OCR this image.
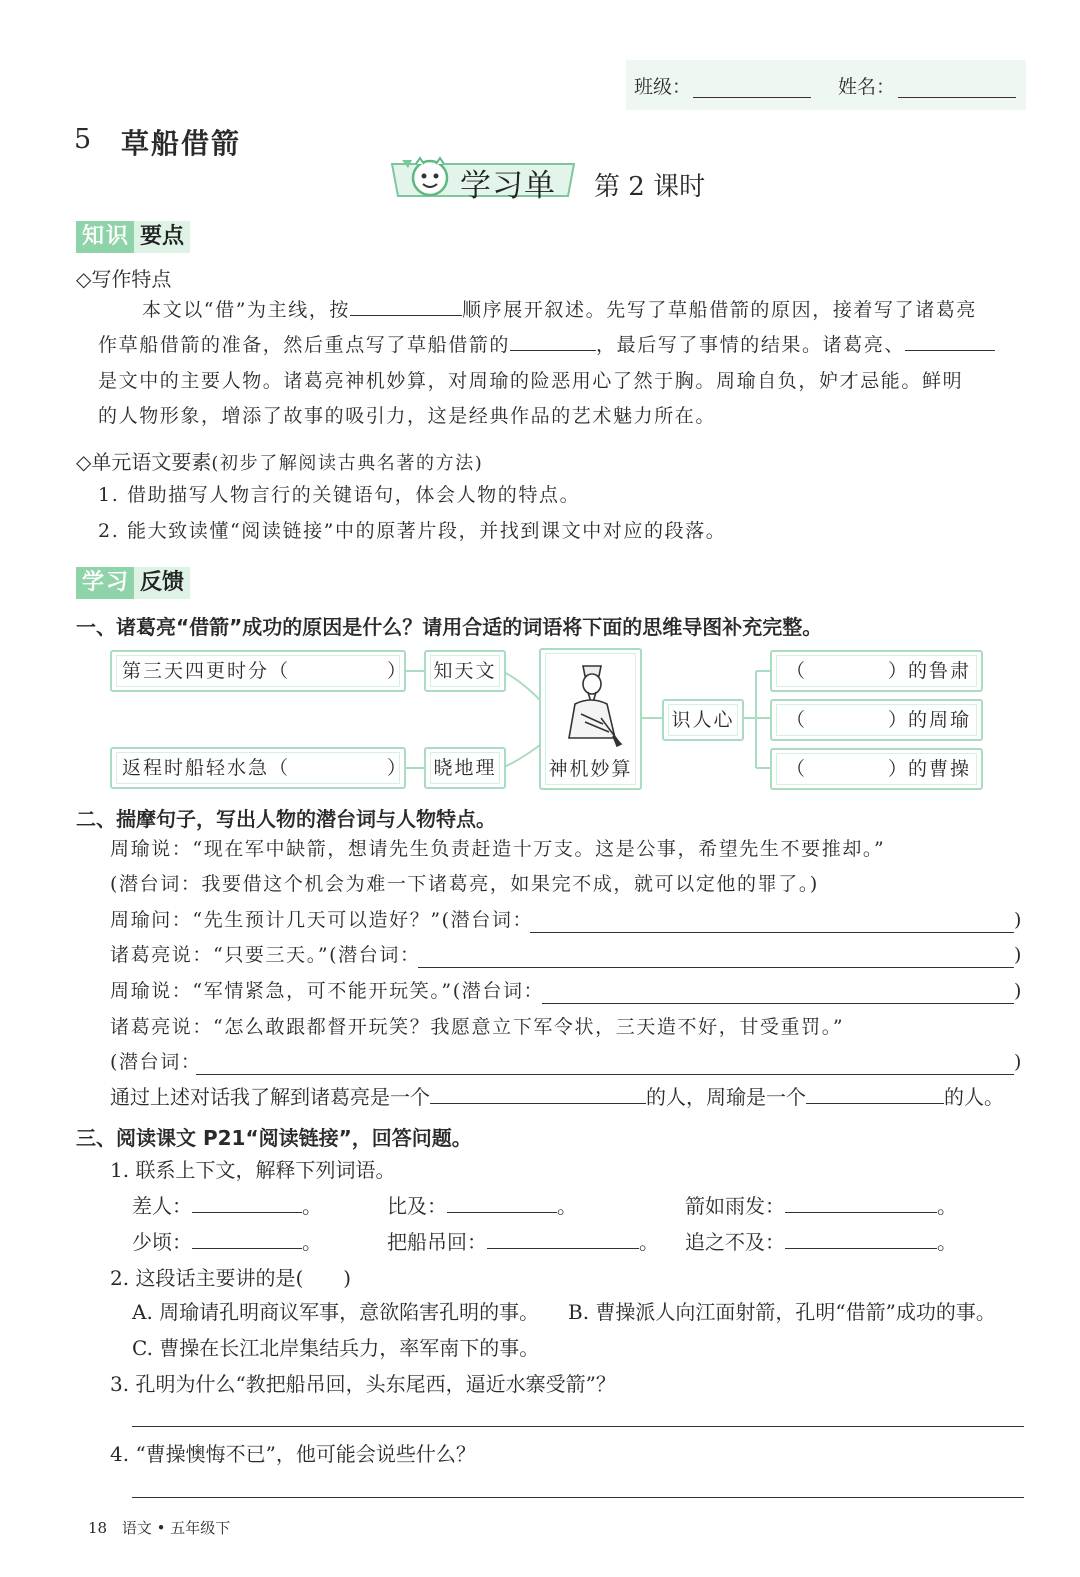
班级：	姓名：
5 草船借箭
学习单 第 2 课时
知识 要点
◇写作特点
本文以“借”为主线，按	顺序展开叙述。先写了草船借箭的原因，接着写了诸葛亮
作草船借箭的准备，然后重点写了草船借箭的	，最后写了事情的结果。诸葛亮、
是文中的主要人物。诸葛亮神机妙算，对周瑜的险恶用心了然于胸。周瑜自负，妒才忌能。鲜明
的人物形象，增添了故事的吸引力，这是经典作品的艺术魅力所在。
◇单元语文要素(初步了解阅读古典名著的方法)
1. 借助描写人物言行的关键语句，体会人物的特点。
2. 能大致读懂“阅读链接”中的原著片段，并找到课文中对应的段落。
学习 反馈
一、诸葛亮“借箭”成功的原因是什么？请用合适的词语将下面的思维导图补充完整。
第三天四更时分（	）
返程时船轻水急（	）
知天文
晓地理	神机妙算
识人心
（	）
的鲁肃
（	）
的周瑜
（	）
的曹操
二、揣摩句子，写出人物的潜台词与人物特点。
周瑜说：“现在军中缺箭，想请先生负责赶造十万支。这是公事，希望先生不要推却。”
(潜台词：我要借这个机会为难一下诸葛亮，如果完不成，就可以定他的罪了。)
周瑜问：“先生预计几天可以造好？”(潜台词：	)
诸葛亮说：“只要三天。”(潜台词：	)
周瑜说：“军情紧急，可不能开玩笑。”(潜台词：	)
诸葛亮说：“怎么敢跟都督开玩笑？我愿意立下军令状，三天造不好，甘受重罚。”
(潜台词：	)
通过上述对话我了解到诸葛亮是一个	的人，周瑜是一个	的人。
三、阅读课文 P21“阅读链接”，回答问题。
1. 联系上下文，解释下列词语。
差人：	。	比及：	。	箭如雨发：	。
少顷：	。	把船吊回：	。 追之不及：	。
2. 这段话主要讲的是(　　)
A. 周瑜请孔明商议军事，意欲陷害孔明的事。 B. 曹操派人向江面射箭，孔明“借箭”成功的事。
C. 曹操在长江北岸集结兵力，率军南下的事。
3. 孔明为什么“教把船吊回，头东尾西，逼近水寨受箭”？
4. “曹操懊悔不已”，他可能会说些什么？
18 语文 • 五年级下
